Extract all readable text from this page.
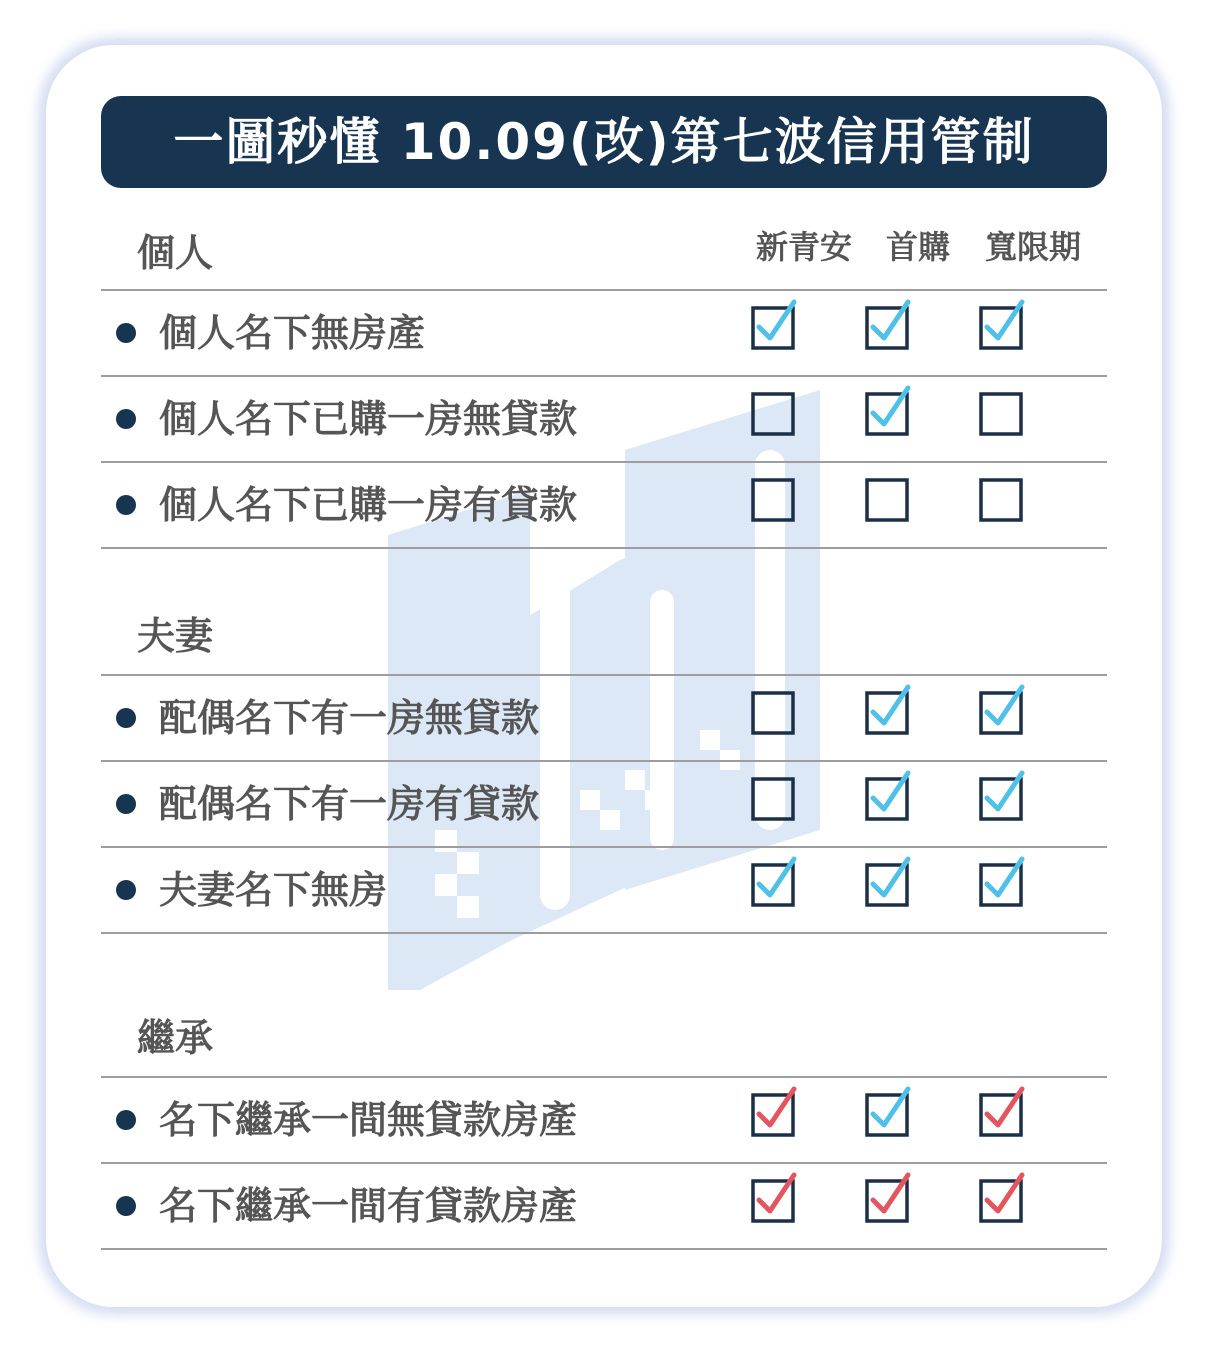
一圖秒懂 10.09(改)第七波信用管制
新青安	首購	寬限期
個人
個人名下無房產
個人名下已購一房無貸款
個人名下已購一房有貸款
夫妻
配偶名下有一房無貸款
配偶名下有一房有貸款
夫妻名下無房
繼承
名下繼承一間無貸款房產
名下繼承一間有貸款房產
